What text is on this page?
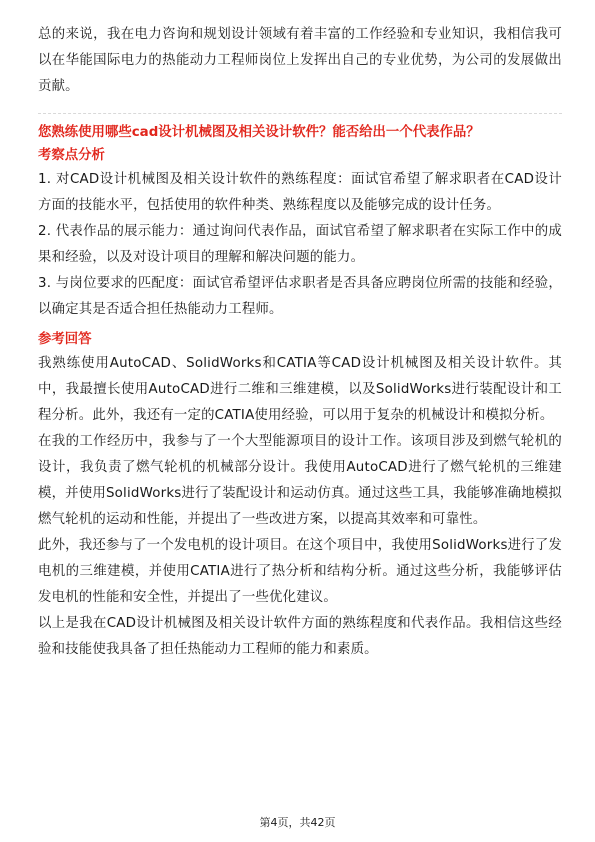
总的来说，我在电力咨询和规划设计领域有着丰富的工作经验和专业知识，我相信我可以在华能国际电力的热能动力工程师岗位上发挥出自己的专业优势，为公司的发展做出贡献。

您熟练使用哪些cad设计机械图及相关设计软件？能否给出一个代表作品？
考察点分析

1. 对CAD设计机械图及相关设计软件的熟练程度：面试官希望了解求职者在CAD设计方面的技能水平，包括使用的软件种类、熟练程度以及能够完成的设计任务。

2. 代表作品的展示能力：通过询问代表作品，面试官希望了解求职者在实际工作中的成果和经验，以及对设计项目的理解和解决问题的能力。

3. 与岗位要求的匹配度：面试官希望评估求职者是否具备应聘岗位所需的技能和经验，以确定其是否适合担任热能动力工程师。

参考回答

我熟练使用AutoCAD、SolidWorks和CATIA等CAD设计机械图及相关设计软件。其中，我最擅长使用AutoCAD进行二维和三维建模，以及SolidWorks进行装配设计和工程分析。此外，我还有一定的CATIA使用经验，可以用于复杂的机械设计和模拟分析。

在我的工作经历中，我参与了一个大型能源项目的设计工作。该项目涉及到燃气轮机的设计，我负责了燃气轮机的机械部分设计。我使用AutoCAD进行了燃气轮机的三维建模，并使用SolidWorks进行了装配设计和运动仿真。通过这些工具，我能够准确地模拟燃气轮机的运动和性能，并提出了一些改进方案，以提高其效率和可靠性。

此外，我还参与了一个发电机的设计项目。在这个项目中，我使用SolidWorks进行了发电机的三维建模，并使用CATIA进行了热分析和结构分析。通过这些分析，我能够评估发电机的性能和安全性，并提出了一些优化建议。

以上是我在CAD设计机械图及相关设计软件方面的熟练程度和代表作品。我相信这些经验和技能使我具备了担任热能动力工程师的能力和素质。

第4页，共42页
